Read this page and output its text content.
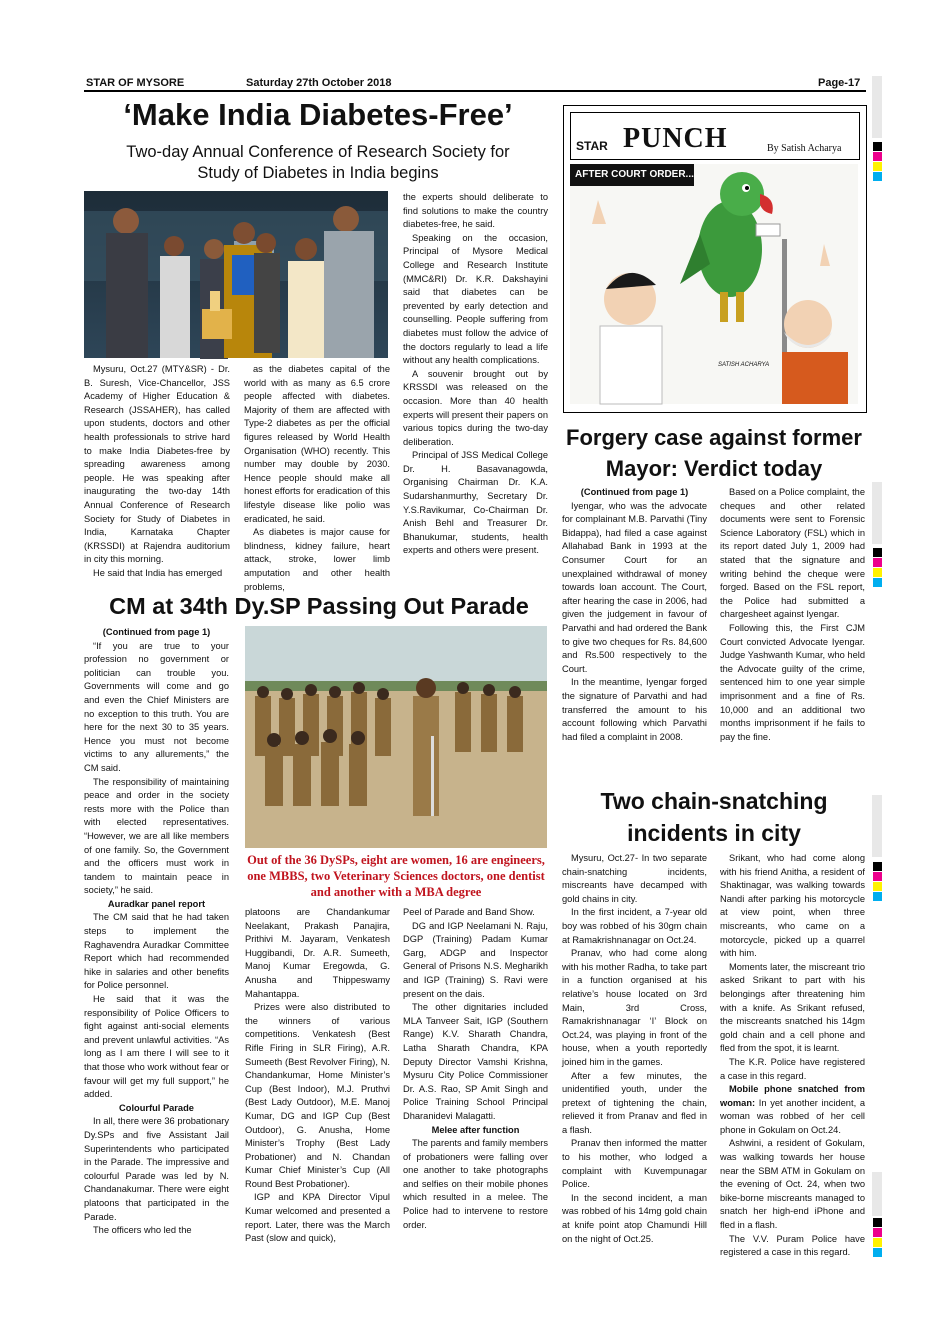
STAR OF MYSORE	Saturday 27th October 2018	Page-17
‘Make India Diabetes-Free’
Two-day Annual Conference of Research Society for
Study of Diabetes in India begins

Mysuru, Oct.27 (MTY&SR) - Dr. B. Suresh, Vice-Chancellor, JSS Academy of Higher Education & Research (JSSAHER), has called upon students, doctors and other health professionals to strive hard to make India Diabetes-free by spreading awareness among people. He was speaking after inaugurating the two-day 14th Annual Conference of Research Society for Study of Diabetes in India, Karnataka Chapter (KRSSDI) at Rajendra auditorium in city this morning.

He said that India has emerged

as the diabetes capital of the world with as many as 6.5 crore people affected with diabetes. Majority of them are affected with Type-2 diabetes as per the official figures released by World Health Organisation (WHO) recently. This number may double by 2030. Hence people should make all honest efforts for eradication of this lifestyle disease like polio was eradicated, he said.

As diabetes is major cause for blindness, kidney failure, heart attack, stroke, lower limb amputation and other health problems,

the experts should deliberate to find solutions to make the country diabetes-free, he said.

Speaking on the occasion, Principal of Mysore Medical College and Research Institute (MMC&RI) Dr. K.R. Dakshayini said that diabetes can be prevented by early detection and counselling. People suffering from diabetes must follow the advice of the doctors regularly to lead a life without any health complications.

A souvenir brought out by KRSSDI was released on the occasion. More than 40 health experts will present their papers on various topics during the two-day deliberation.

Principal of JSS Medical College Dr. H. Basavanagowda, Organising Chairman Dr. K.A. Sudarshanmurthy, Secretary Dr. Y.S.Ravikumar, Co-Chairman Dr. Anish Behl and Treasurer Dr. Bhanukumar, students, health experts and others were present.

STAR PUNCH	By Satish Acharya
AFTER COURT ORDER...
SATISH ACHARYA
Forgery case against former
Mayor: Verdict today

(Continued from page 1)

Iyengar, who was the advocate for complainant M.B. Parvathi (Tiny Bidappa), had filed a case against Allahabad Bank in 1993 at the Consumer Court for an unexplained withdrawal of money towards loan account. The Court, after hearing the case in 2006, had given the judgement in favour of Parvathi and had ordered the Bank to give two cheques for Rs. 84,600 and Rs.500 respectively to the Court.

In the meantime, Iyengar forged the signature of Parvathi and had transferred the amount to his account following which Parvathi had filed a complaint in 2008.

Based on a Police complaint, the cheques and other related documents were sent to Forensic Science Laboratory (FSL) which in its report dated July 1, 2009 had stated that the signature and writing behind the cheque were forged. Based on the FSL report, the Police had submitted a chargesheet against Iyengar.

Following this, the First CJM Court convicted Advocate Iyengar. Judge Yashwanth Kumar, who held the Advocate guilty of the crime, sentenced him to one year simple imprisonment and a fine of Rs. 10,000 and an additional two months imprisonment if he fails to pay the fine.

CM at 34th Dy.SP Passing Out Parade

(Continued from page 1)

“If you are true to your profession no government or politician can trouble you. Governments will come and go and even the Chief Ministers are no exception to this truth. You are here for the next 30 to 35 years. Hence you must not become victims to any allurements,” the CM said.

The responsibility of maintaining peace and order in the society rests more with the Police than with elected representatives. “However, we are all like members of one family. So, the Government and the officers must work in tandem to maintain peace in society,” he said.

Auradkar panel report

The CM said that he had taken steps to implement the Raghavendra Auradkar Committee Report which had recommended hike in salaries and other benefits for Police personnel.

He said that it was the responsibility of Police Officers to fight against anti-social elements and prevent unlawful activities. “As long as I am there I will see to it that those who work without fear or favour will get my full support,” he added.

Colourful Parade

In all, there were 36 probationary Dy.SPs and five Assistant Jail Superintendents who participated in the Parade. The impressive and colourful Parade was led by N. Chandanakumar. There were eight platoons that participated in the Parade.

The officers who led the

Out of the 36 DySPs, eight are women, 16 are engineers, one MBBS, two Veterinary Sciences doctors, one dentist and another with a MBA degree

platoons are Chandankumar Neelakant, Prakash Panajira, Prithivi M. Jayaram, Venkatesh Huggibandi, Dr. A.R. Sumeeth, Manoj Kumar Eregowda, G. Anusha and Thippeswamy Mahantappa.

Prizes were also distributed to the winners of various competitions. Venkatesh (Best Rifle Firing in SLR Firing), A.R. Sumeeth (Best Revolver Firing), N. Chandankumar, Home Minister’s Cup (Best Indoor), M.J. Pruthvi (Best Lady Outdoor), M.E. Manoj Kumar, DG and IGP Cup (Best Outdoor), G. Anusha, Home Minister’s Trophy (Best Lady Probationer) and N. Chandan Kumar Chief Minister’s Cup (All Round Best Probationer).

IGP and KPA Director Vipul Kumar welcomed and presented a report. Later, there was the March Past (slow and quick),

Peel of Parade and Band Show.

DG and IGP Neelamani N. Raju, DGP (Training) Padam Kumar Garg, ADGP and Inspector General of Prisons N.S. Megharikh and IGP (Training) S. Ravi were present on the dais.

The other dignitaries included MLA Tanveer Sait, IGP (Southern Range) K.V. Sharath Chandra, Latha Sharath Chandra, KPA Deputy Director Vamshi Krishna, Mysuru City Police Commissioner Dr. A.S. Rao, SP Amit Singh and Police Training School Principal Dharanidevi Malagatti.

Melee after function

The parents and family members of probationers were falling over one another to take photographs and selfies on their mobile phones which resulted in a melee. The Police had to intervene to restore order.

Two chain-snatching
incidents in city

Mysuru, Oct.27- In two separate chain-snatching incidents, miscreants have decamped with gold chains in city.

In the first incident, a 7-year old boy was robbed of his 30gm chain at Ramakrishnanagar on Oct.24.

Pranav, who had come along with his mother Radha, to take part in a function organised at his relative’s house located on 3rd Main, 3rd Cross, Ramakrishnanagar ‘I’ Block on Oct.24, was playing in front of the house, when a youth reportedly joined him in the games.

After a few minutes, the unidentified youth, under the pretext of tightening the chain, relieved it from Pranav and fled in a flash.

Pranav then informed the matter to his mother, who lodged a complaint with Kuvempunagar Police.

In the second incident, a man was robbed of his 14mg gold chain at knife point atop Chamundi Hill on the night of Oct.25.

Srikant, who had come along with his friend Anitha, a resident of Shaktinagar, was walking towards Nandi after parking his motorcycle at view point, when three miscreants, who came on a motorcycle, picked up a quarrel with him.

Moments later, the miscreant trio asked Srikant to part with his belongings after threatening him with a knife. As Srikant refused, the miscreants snatched his 14gm gold chain and a cell phone and fled from the spot, it is learnt.

The K.R. Police have registered a case in this regard.

Mobile phone snatched from woman: In yet another incident, a woman was robbed of her cell phone in Gokulam on Oct.24.

Ashwini, a resident of Gokulam, was walking towards her house near the SBM ATM in Gokulam on the evening of Oct. 24, when two bike-borne miscreants managed to snatch her high-end iPhone and fled in a flash.

The V.V. Puram Police have registered a case in this regard.
